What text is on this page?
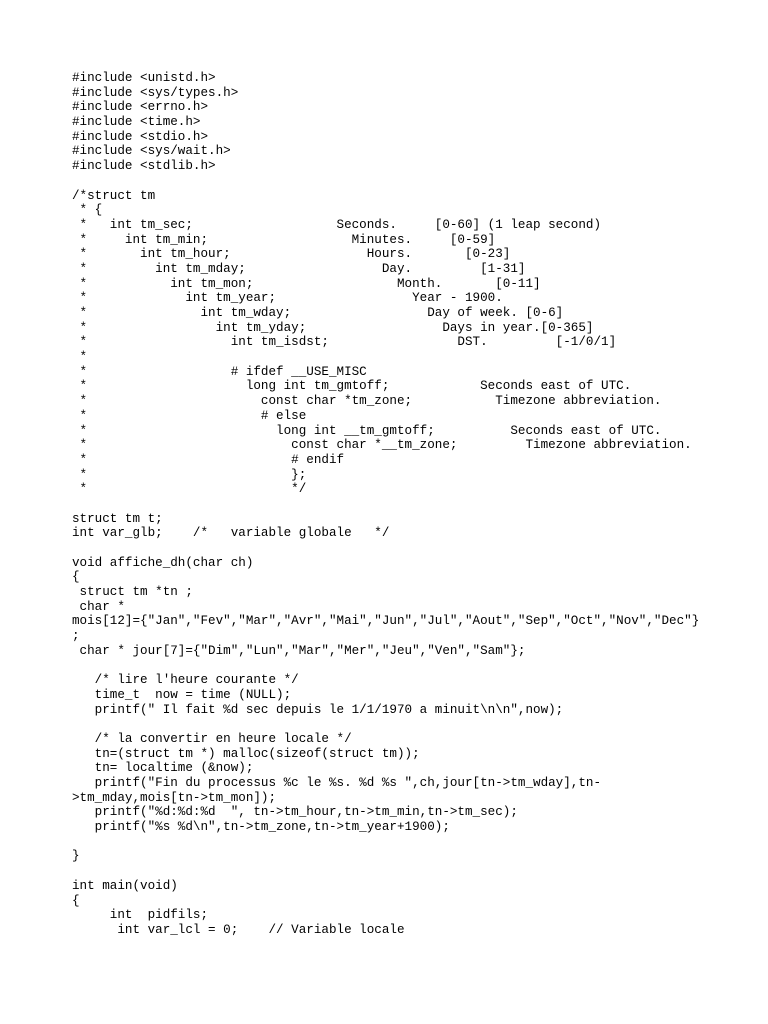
#include <unistd.h>
#include <sys/types.h>
#include <errno.h>
#include <time.h>
#include <stdio.h>
#include <sys/wait.h>
#include <stdlib.h>
/*struct tm
* {
*   int tm_sec;                   Seconds.     [0-60] (1 leap second)
*     int tm_min;                   Minutes.     [0-59]
*       int tm_hour;                  Hours.       [0-23]
*         int tm_mday;                  Day.         [1-31]
*           int tm_mon;                   Month.       [0-11]
*             int tm_year;                  Year - 1900.
*               int tm_wday;                  Day of week. [0-6]
*                 int tm_yday;                  Days in year.[0-365]
*                   int tm_isdst;                 DST.         [-1/0/1]
*
*                   # ifdef __USE_MISC
*                     long int tm_gmtoff;            Seconds east of UTC.
*                       const char *tm_zone;           Timezone abbreviation.
*                       # else
*                         long int __tm_gmtoff;          Seconds east of UTC.
*                           const char *__tm_zone;         Timezone abbreviation.
*                           # endif
*                           };
*                           */
struct tm t;
int var_glb;    /*   variable globale   */
void affiche_dh(char ch)
{
struct tm *tn ;
char *
mois[12]={"Jan","Fev","Mar","Avr","Mai","Jun","Jul","Aout","Sep","Oct","Nov","Dec"}
;
char * jour[7]={"Dim","Lun","Mar","Mer","Jeu","Ven","Sam"};
/* lire l'heure courante */
time_t  now = time (NULL);
printf(" Il fait %d sec depuis le 1/1/1970 a minuit\n\n",now);
/* la convertir en heure locale */
tn=(struct tm *) malloc(sizeof(struct tm));
tn= localtime (&now);
printf("Fin du processus %c le %s. %d %s ",ch,jour[tn->tm_wday],tn-
>tm_mday,mois[tn->tm_mon]);
printf("%d:%d:%d  ", tn->tm_hour,tn->tm_min,tn->tm_sec);
printf("%s %d\n",tn->tm_zone,tn->tm_year+1900);
}
int main(void)
{
int  pidfils;
int var_lcl = 0;    // Variable locale
